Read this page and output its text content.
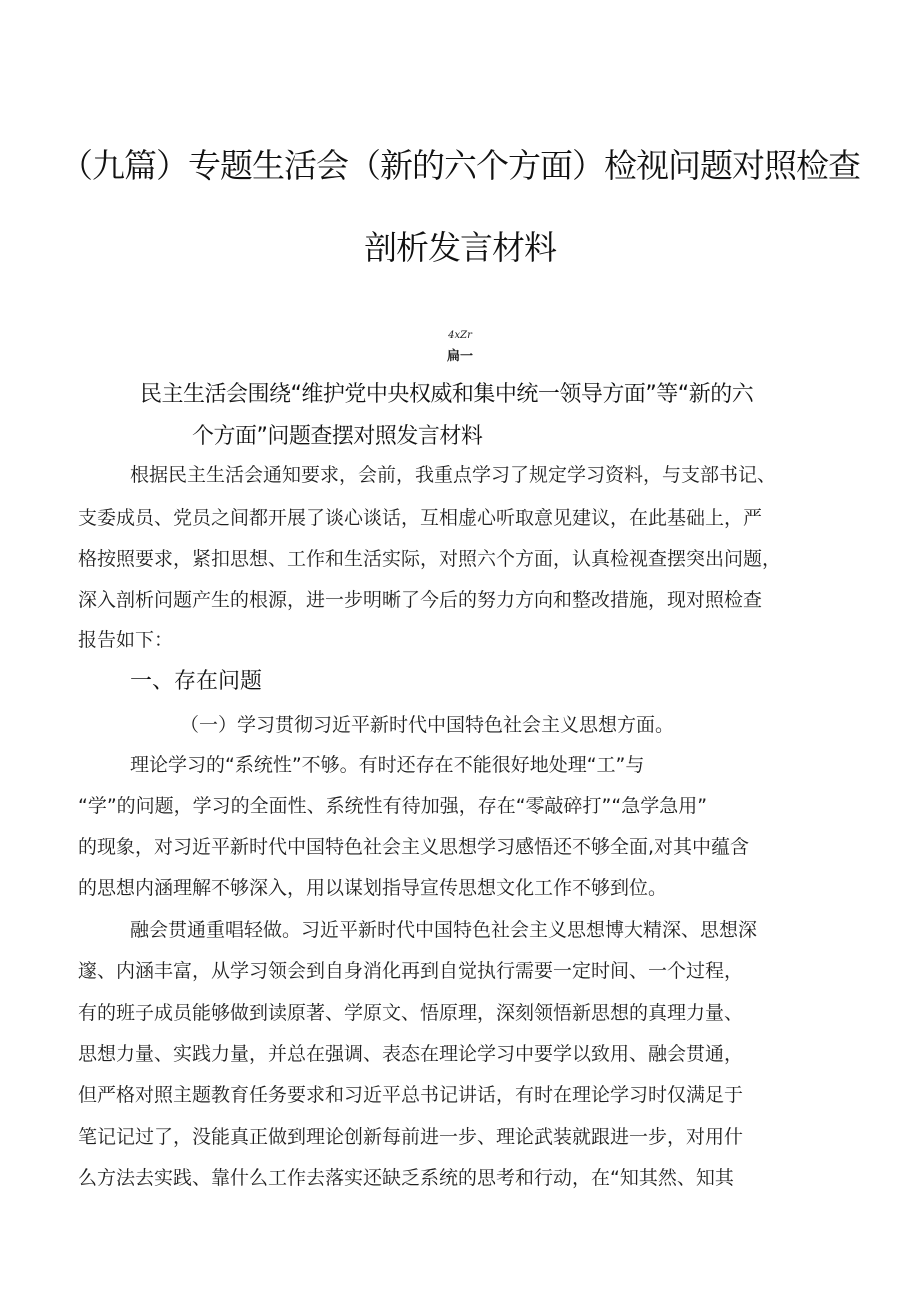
（九篇）专题生活会（新的六个方面）检视问题对照检查
剖析发言材料
4xZr
扁一
民主生活会围绕“维护党中央权威和集中统一领导方面”等“新的六
个方面”问题查摆对照发言材料
根据民主生活会通知要求，会前，我重点学习了规定学习资料，与支部书记、
支委成员、党员之间都开展了谈心谈话，互相虚心听取意见建议，在此基础上，严
格按照要求，紧扣思想、工作和生活实际，对照六个方面，认真检视查摆突出问题，
深入剖析问题产生的根源，进一步明晰了今后的努力方向和整改措施，现对照检查
报告如下：
一、存在问题
（一）学习贯彻习近平新时代中国特色社会主义思想方面。
理论学习的“系统性”不够。有时还存在不能很好地处理“工”与
“学”的问题，学习的全面性、系统性有待加强，存在“零敲碎打”“急学急用”
的现象，对习近平新时代中国特色社会主义思想学习感悟还不够全面,对其中蕴含
的思想内涵理解不够深入，用以谋划指导宣传思想文化工作不够到位。
融会贯通重唱轻做。习近平新时代中国特色社会主义思想博大精深、思想深
邃、内涵丰富，从学习领会到自身消化再到自觉执行需要一定时间、一个过程，
有的班子成员能够做到读原著、学原文、悟原理，深刻领悟新思想的真理力量、
思想力量、实践力量，并总在强调、表态在理论学习中要学以致用、融会贯通，
但严格对照主题教育任务要求和习近平总书记讲话，有时在理论学习时仅满足于
笔记记过了，没能真正做到理论创新每前进一步、理论武装就跟进一步，对用什
么方法去实践、靠什么工作去落实还缺乏系统的思考和行动，在“知其然、知其
